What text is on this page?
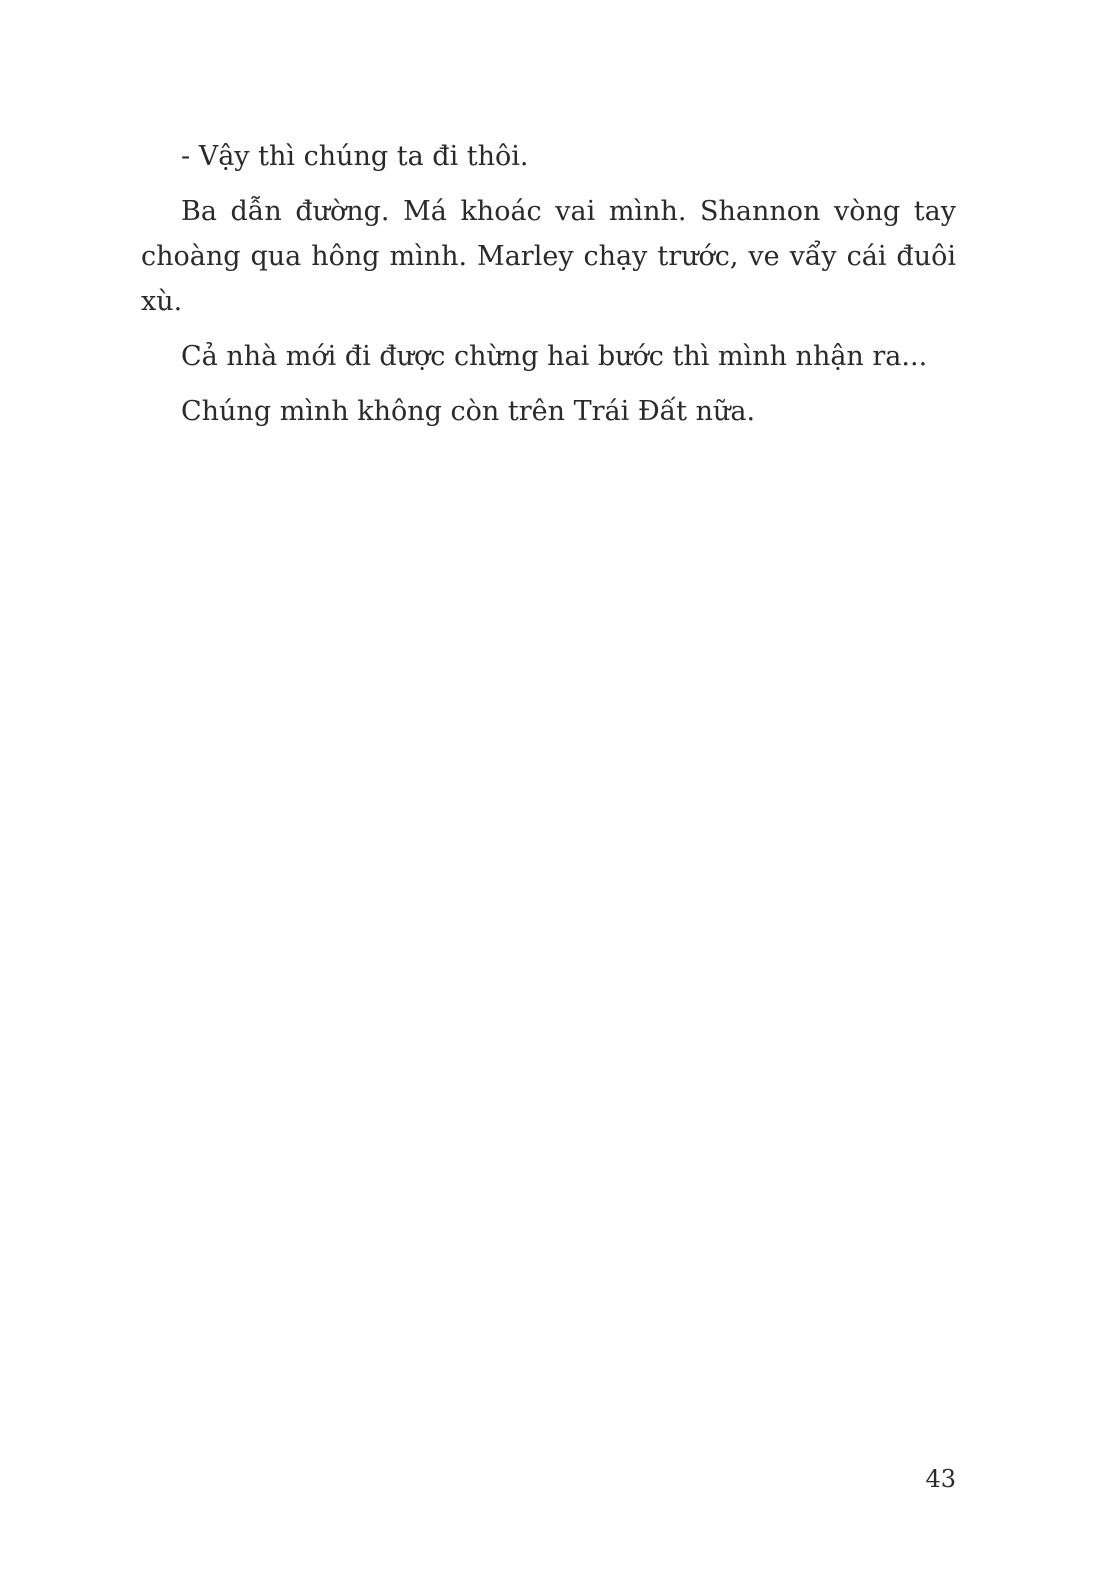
- Vậy thì chúng ta đi thôi.

Ba dẫn đường. Má khoác vai mình. Shannon vòng tay choàng qua hông mình. Marley chạy trước, ve vẩy cái đuôi xù.

Cả nhà mới đi được chừng hai bước thì mình nhận ra...

Chúng mình không còn trên Trái Đất nữa.

43
